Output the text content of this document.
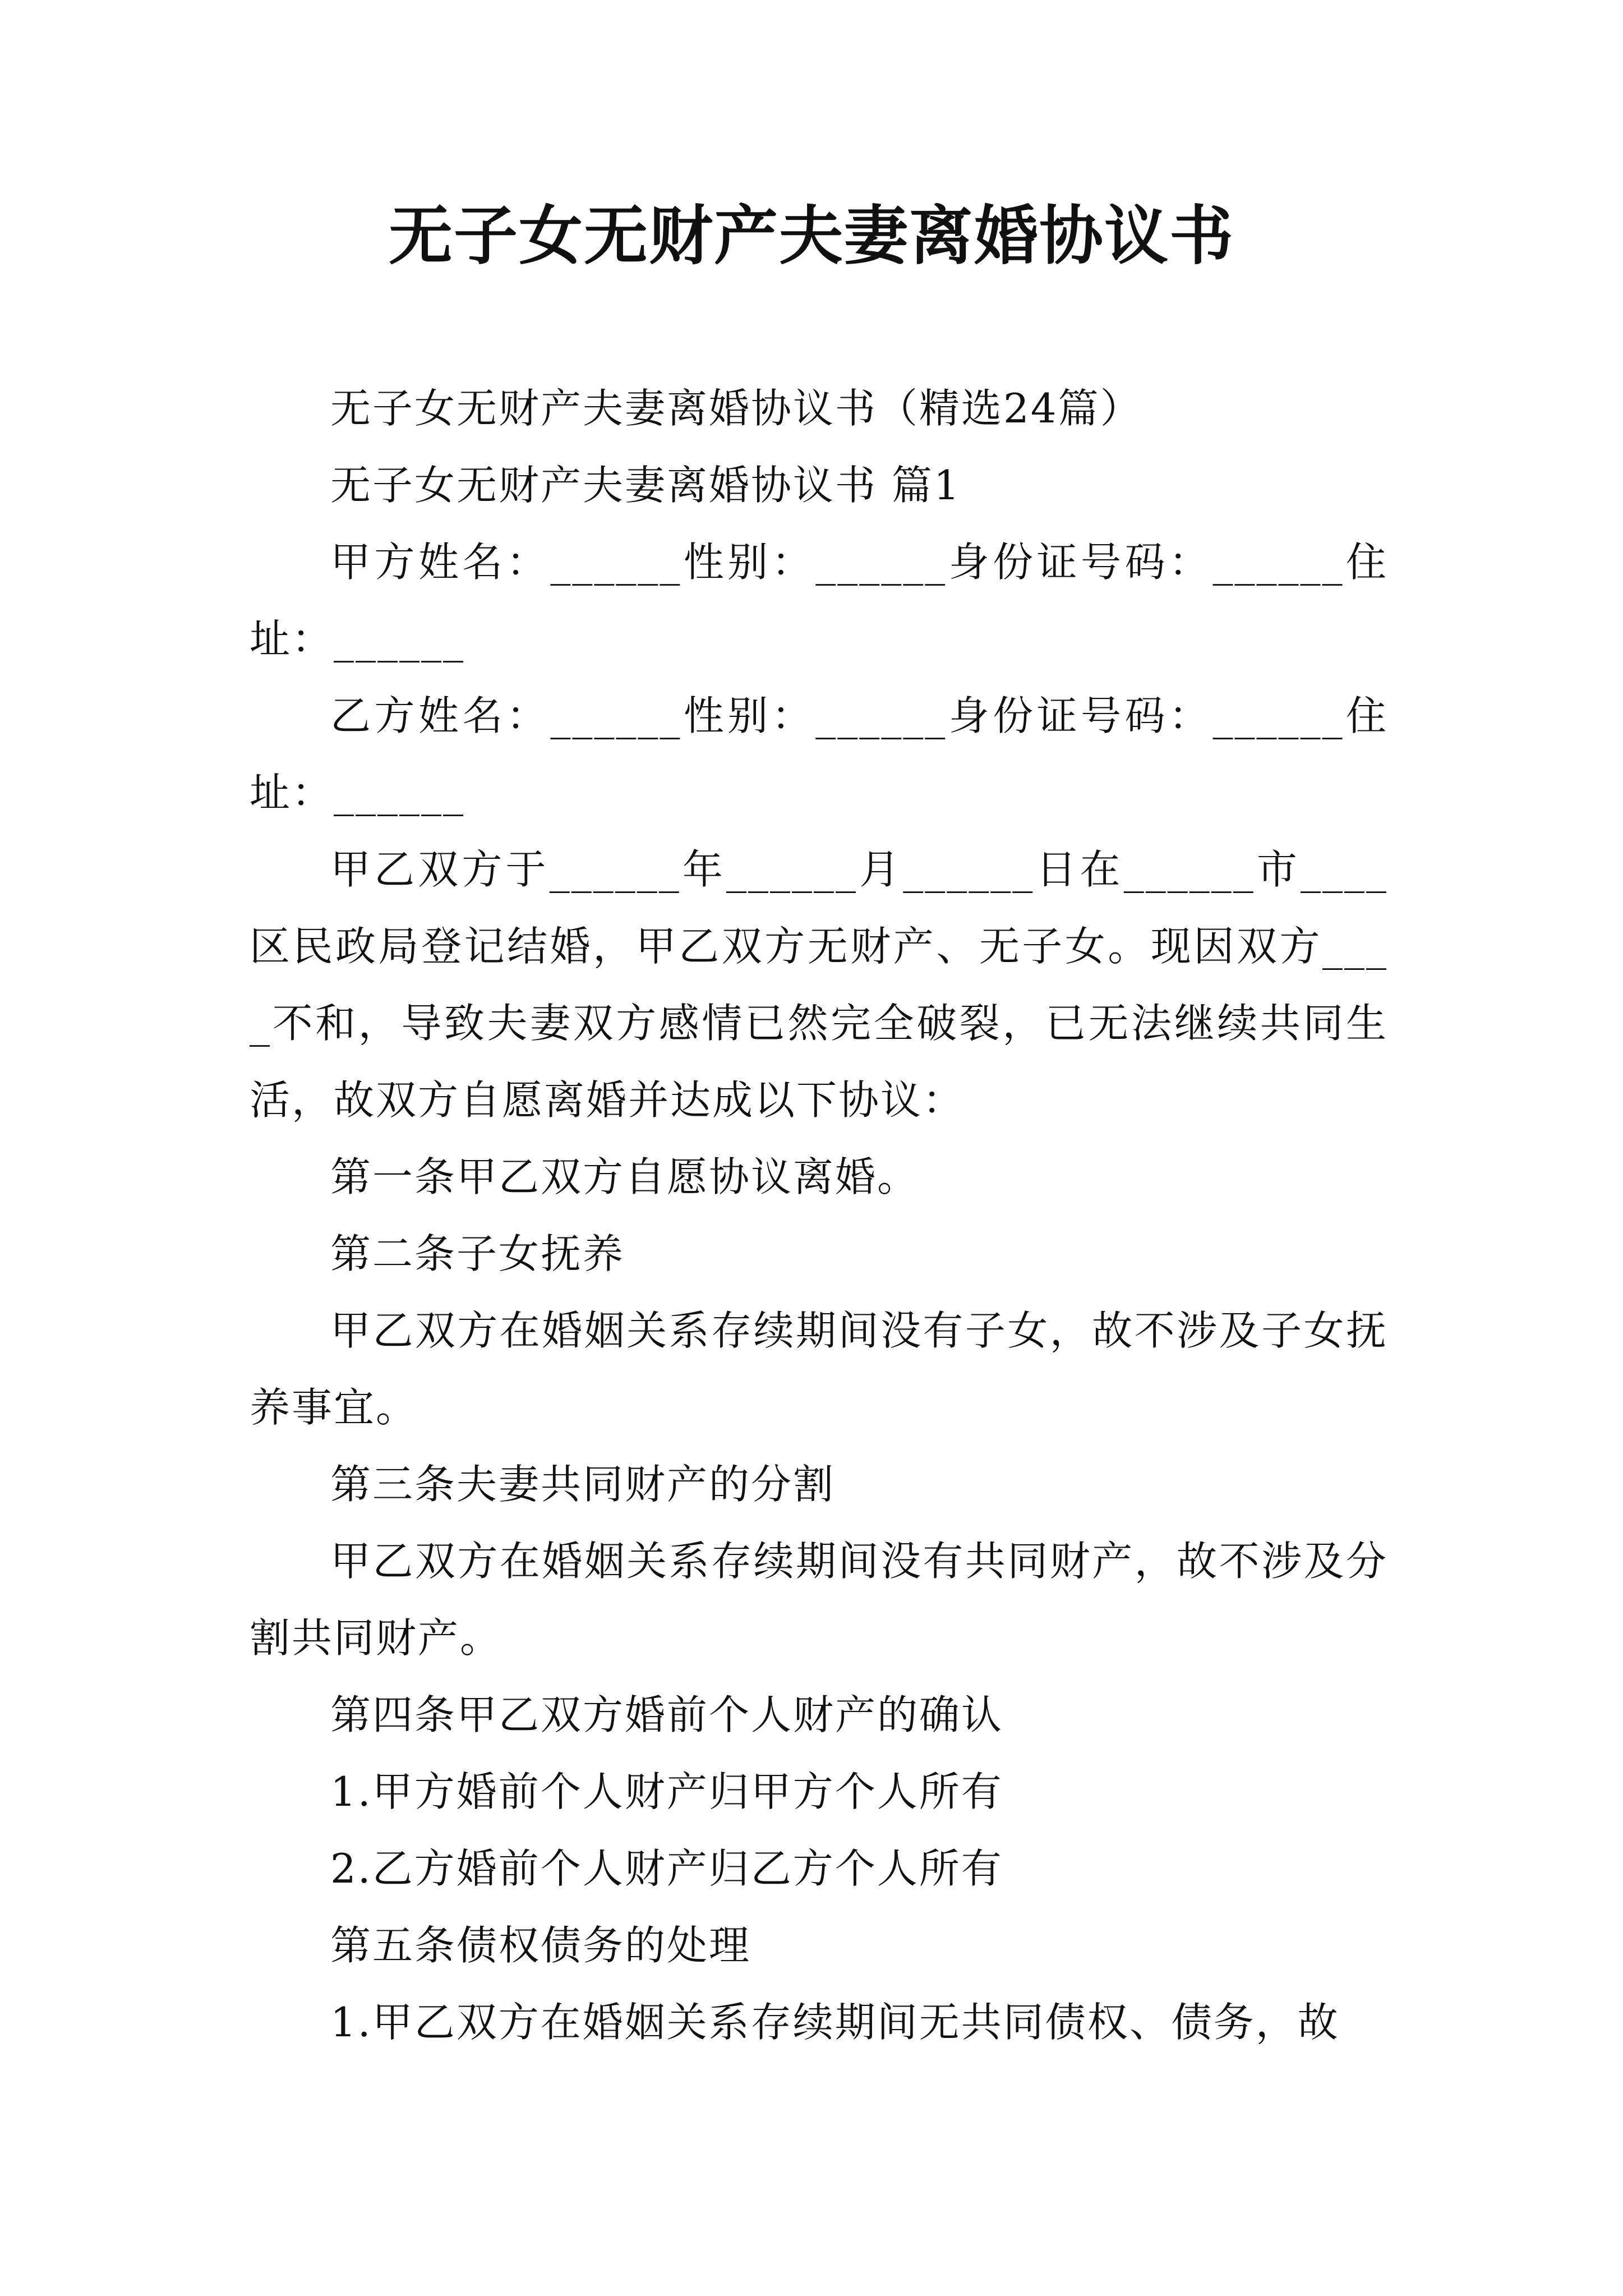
无子女无财产夫妻离婚协议书

无子女无财产夫妻离婚协议书（精选24篇）

无子女无财产夫妻离婚协议书 篇1

甲方姓名：______性别：______身份证号码：______住址：______

乙方姓名：______性别：______身份证号码：______住址：______

甲乙双方于______年______月______日在______市____区民政局登记结婚，甲乙双方无财产、无子女。现因双方____不和，导致夫妻双方感情已然完全破裂，已无法继续共同生活，故双方自愿离婚并达成以下协议：

第一条甲乙双方自愿协议离婚。

第二条子女抚养

甲乙双方在婚姻关系存续期间没有子女，故不涉及子女抚养事宜。

第三条夫妻共同财产的分割

甲乙双方在婚姻关系存续期间没有共同财产，故不涉及分割共同财产。

第四条甲乙双方婚前个人财产的确认

1.甲方婚前个人财产归甲方个人所有

2.乙方婚前个人财产归乙方个人所有

第五条债权债务的处理

1.甲乙双方在婚姻关系存续期间无共同债权、债务，故
